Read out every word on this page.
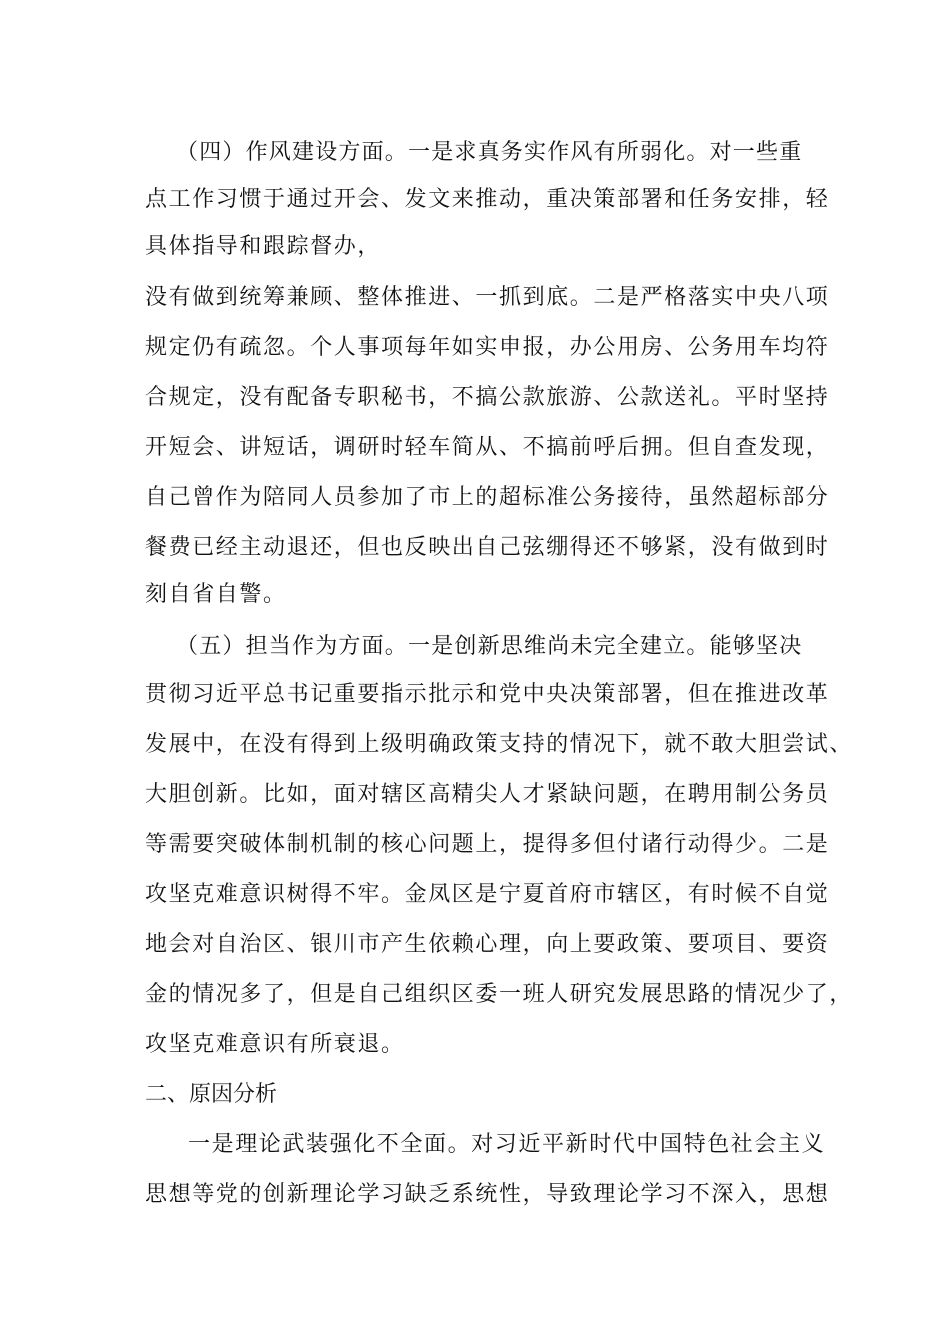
（四）作风建设方面。一是求真务实作风有所弱化。对一些重
点工作习惯于通过开会、发文来推动，重决策部署和任务安排，轻
具体指导和跟踪督办，
没有做到统筹兼顾、整体推进、一抓到底。二是严格落实中央八项
规定仍有疏忽。个人事项每年如实申报，办公用房、公务用车均符
合规定，没有配备专职秘书，不搞公款旅游、公款送礼。平时坚持
开短会、讲短话，调研时轻车简从、不搞前呼后拥。但自查发现，
自己曾作为陪同人员参加了市上的超标准公务接待，虽然超标部分
餐费已经主动退还，但也反映出自己弦绷得还不够紧，没有做到时
刻自省自警。
（五）担当作为方面。一是创新思维尚未完全建立。能够坚决
贯彻习近平总书记重要指示批示和党中央决策部署，但在推进改革
发展中，在没有得到上级明确政策支持的情况下，就不敢大胆尝试、
大胆创新。比如，面对辖区高精尖人才紧缺问题，在聘用制公务员
等需要突破体制机制的核心问题上，提得多但付诸行动得少。二是
攻坚克难意识树得不牢。金凤区是宁夏首府市辖区，有时候不自觉
地会对自治区、银川市产生依赖心理，向上要政策、要项目、要资
金的情况多了，但是自己组织区委一班人研究发展思路的情况少了，
攻坚克难意识有所衰退。
二、原因分析
一是理论武装强化不全面。对习近平新时代中国特色社会主义
思想等党的创新理论学习缺乏系统性，导致理论学习不深入，思想
